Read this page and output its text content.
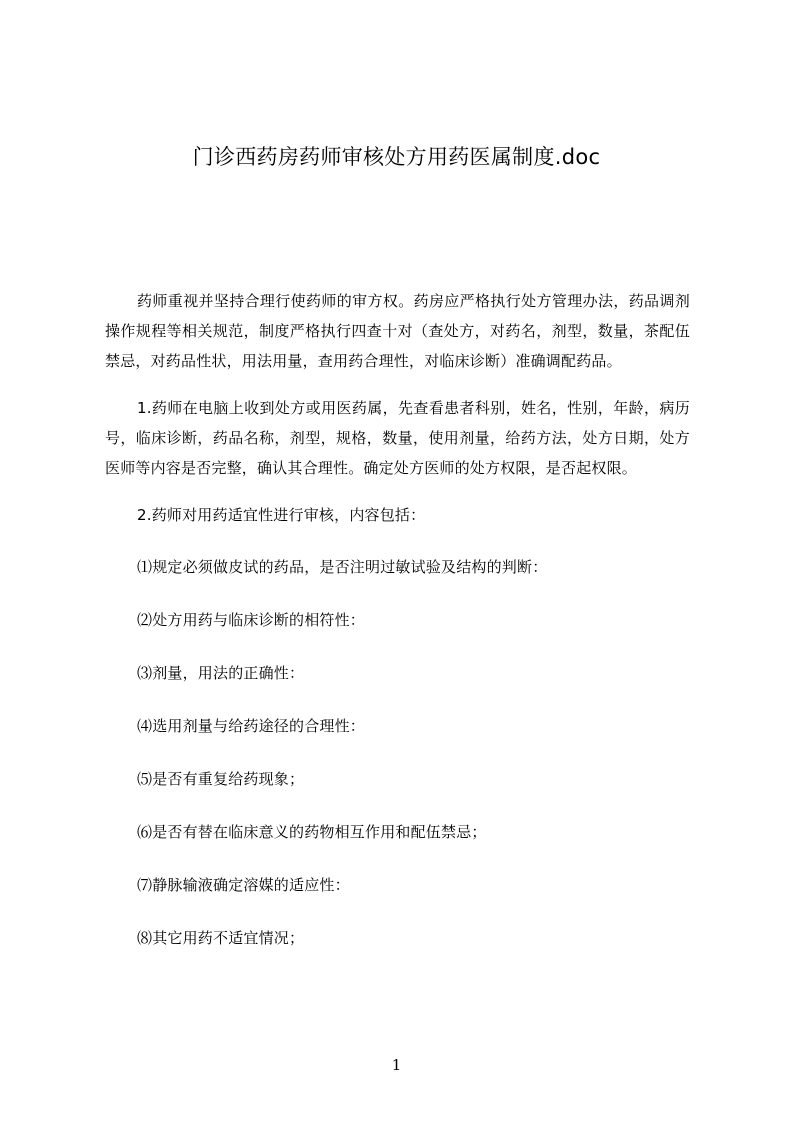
门诊西药房药师审核处方用药医属制度.doc
药师重视并坚持合理行使药师的审方权。药房应严格执行处方管理办法，药品调剂操作规程等相关规范，制度严格执行四查十对（查处方，对药名，剂型，数量，茶配伍禁忌，对药品性状，用法用量，查用药合理性，对临床诊断）准确调配药品。
1.药师在电脑上收到处方或用医药属，先查看患者科别，姓名，性别，年龄，病历号，临床诊断，药品名称，剂型，规格，数量，使用剂量，给药方法，处方日期，处方医师等内容是否完整，确认其合理性。确定处方医师的处方权限，是否起权限。
2.药师对用药适宜性进行审核，内容包括：
⑴规定必须做皮试的药品，是否注明过敏试验及结构的判断：
⑵处方用药与临床诊断的相符性：
⑶剂量，用法的正确性：
⑷选用剂量与给药途径的合理性：
⑸是否有重复给药现象；
⑹是否有替在临床意义的药物相互作用和配伍禁忌；
⑺静脉输液确定溶媒的适应性：
⑻其它用药不适宜情况；
1
